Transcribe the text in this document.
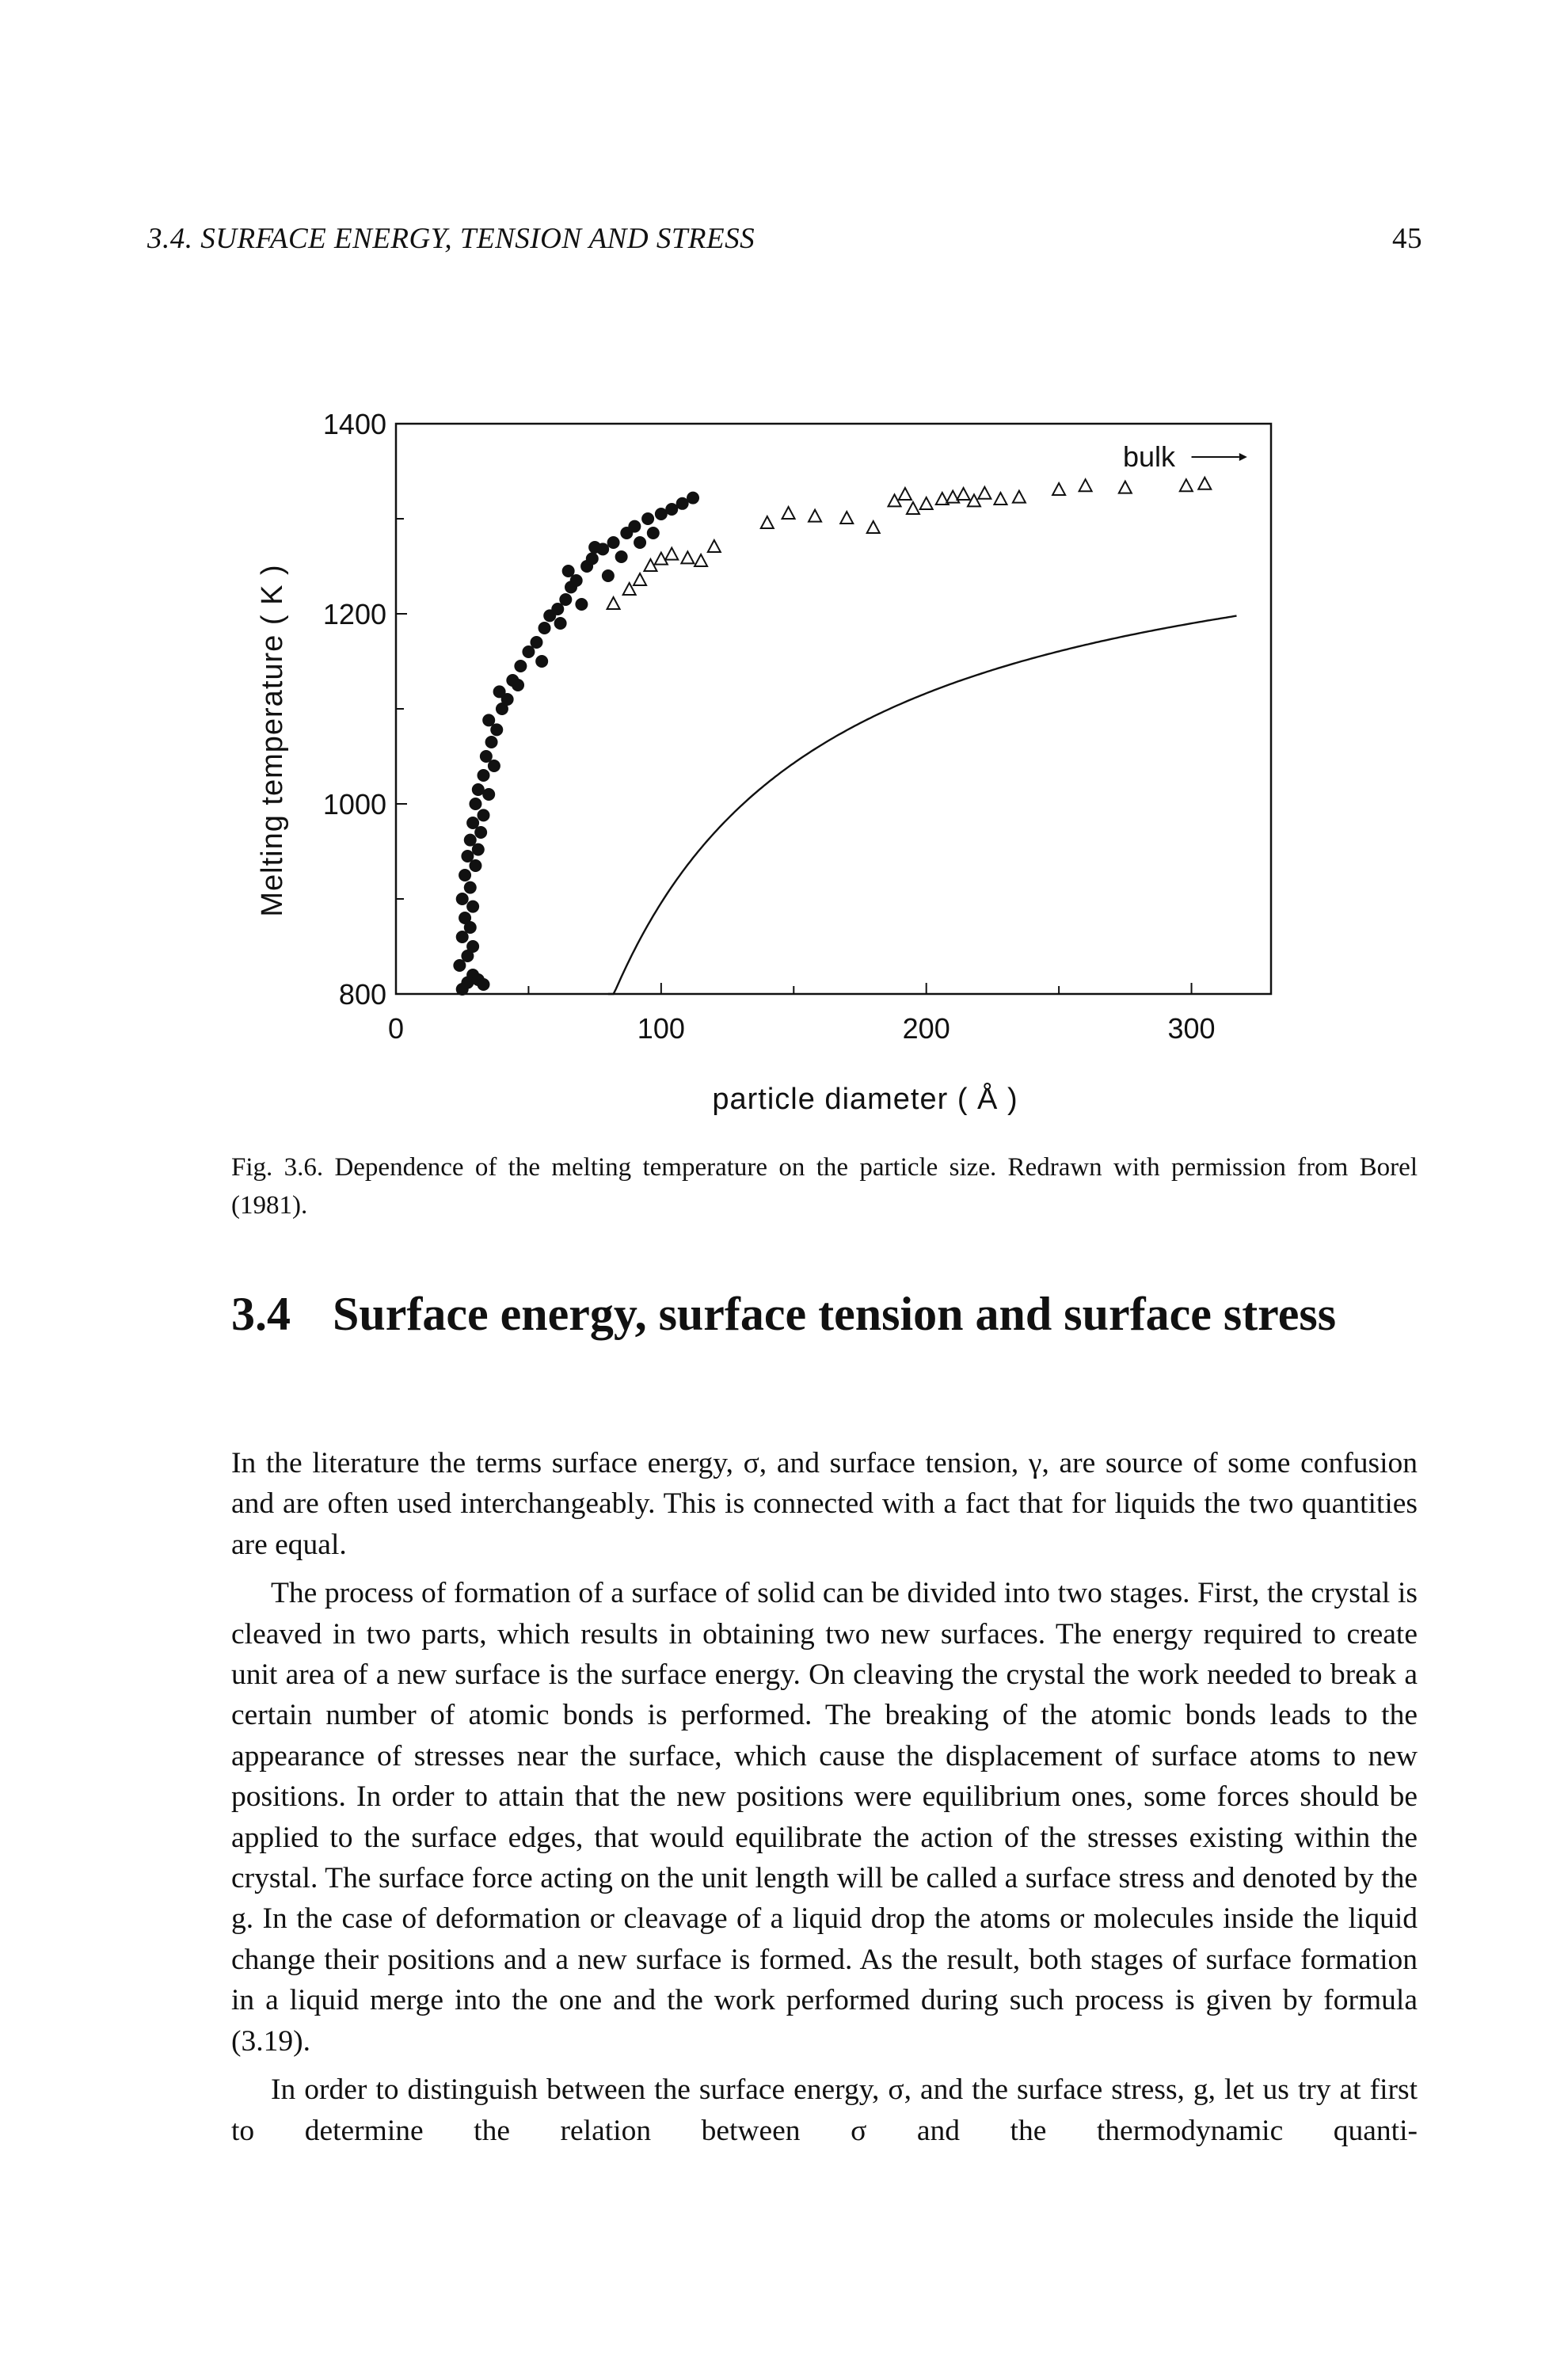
3.4. SURFACE ENERGY, TENSION AND STRESS	45
0	100	200	300
800
1000
1200
1400
particle diameter ( Å )
Melting temperature ( K )
bulk
Fig. 3.6. Dependence of the melting temperature on the particle size. Redrawn with permission from Borel (1981).
3.4 Surface energy, surface tension and surface stress

In the literature the terms surface energy, σ, and surface tension, γ, are source of some confusion and are often used interchangeably. This is connected with a fact that for liquids the two quantities are equal.

The process of formation of a surface of solid can be divided into two stages. First, the crystal is cleaved in two parts, which results in obtaining two new surfaces. The energy required to create unit area of a new surface is the surface energy. On cleaving the crystal the work needed to break a certain number of atomic bonds is performed. The breaking of the atomic bonds leads to the appearance of stresses near the surface, which cause the displacement of surface atoms to new positions. In order to attain that the new positions were equilibrium ones, some forces should be applied to the surface edges, that would equilibrate the action of the stresses existing within the crystal. The surface force acting on the unit length will be called a surface stress and denoted by the g. In the case of deformation or cleavage of a liquid drop the atoms or molecules inside the liquid change their positions and a new surface is formed. As the result, both stages of surface formation in a liquid merge into the one and the work performed during such process is given by formula (3.19).

In order to distinguish between the surface energy, σ, and the surface stress, g, let us try at first to determine the relation between σ and the thermodynamic quanti-
